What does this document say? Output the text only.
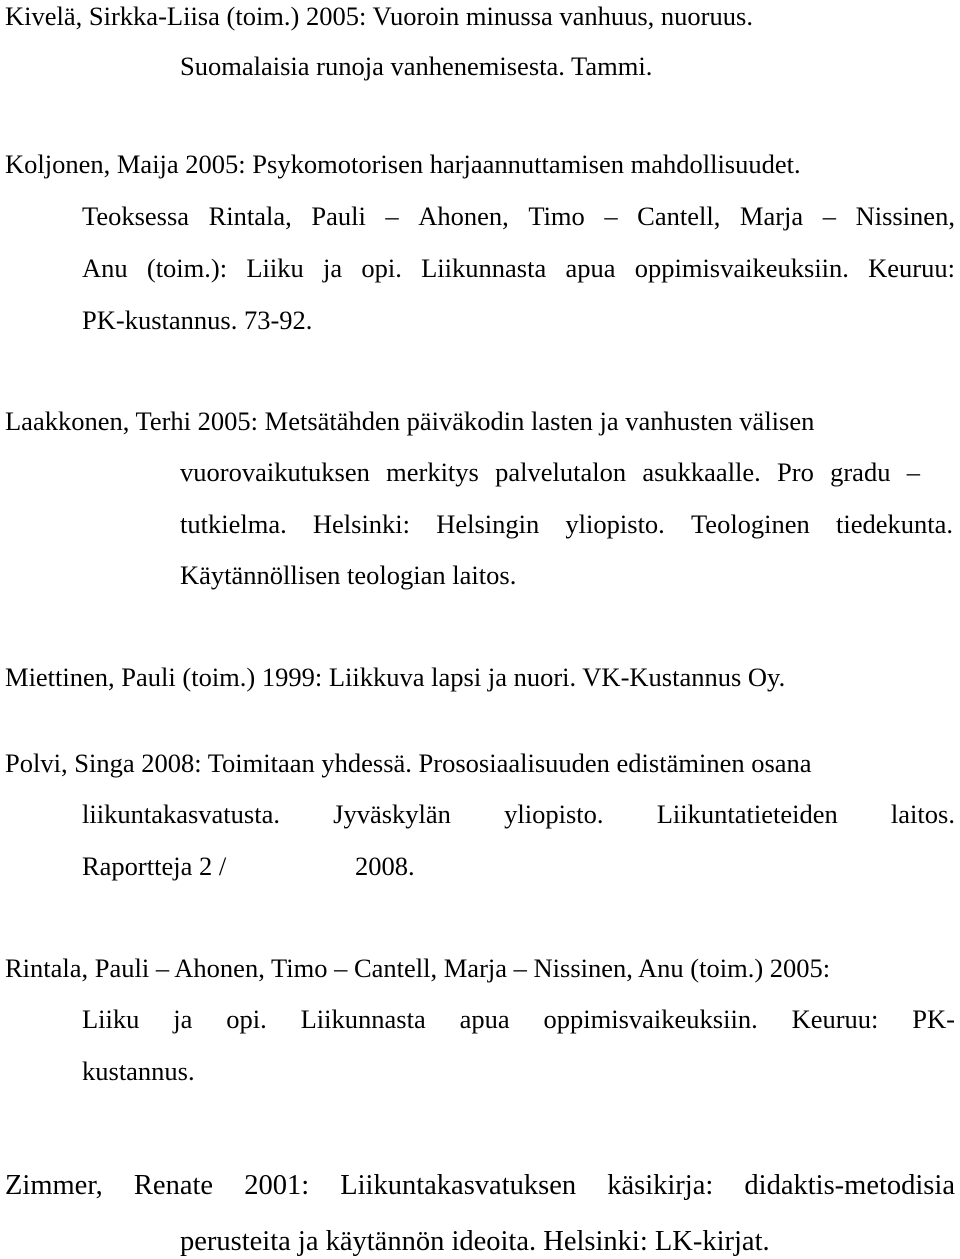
Kivelä, Sirkka-Liisa (toim.) 2005: Vuoroin minussa vanhuus, nuoruus.
Suomalaisia runoja vanhenemisesta. Tammi.
Koljonen, Maija 2005: Psykomotorisen harjaannuttamisen mahdollisuudet.
Teoksessa Rintala, Pauli – Ahonen, Timo – Cantell, Marja – Nissinen,
Anu (toim.): Liiku ja opi. Liikunnasta apua oppimisvaikeuksiin. Keuruu:
PK-kustannus. 73-92.
Laakkonen, Terhi 2005: Metsätähden päiväkodin lasten ja vanhusten välisen
vuorovaikutuksen merkitys palvelutalon asukkaalle. Pro gradu –
tutkielma. Helsinki: Helsingin yliopisto. Teologinen tiedekunta.
Käytännöllisen teologian laitos.
Miettinen, Pauli (toim.) 1999: Liikkuva lapsi ja nuori. VK-Kustannus Oy.
Polvi, Singa 2008: Toimitaan yhdessä. Prososiaalisuuden edistäminen osana
liikuntakasvatusta. Jyväskylän yliopisto. Liikuntatieteiden laitos.
Raportteja 2 /	2008.
Rintala, Pauli – Ahonen, Timo – Cantell, Marja – Nissinen, Anu (toim.) 2005:
Liiku ja opi. Liikunnasta apua oppimisvaikeuksiin. Keuruu: PK-
kustannus.
Zimmer, Renate 2001: Liikuntakasvatuksen käsikirja: didaktis-metodisia
perusteita ja käytännön ideoita. Helsinki: LK-kirjat.
